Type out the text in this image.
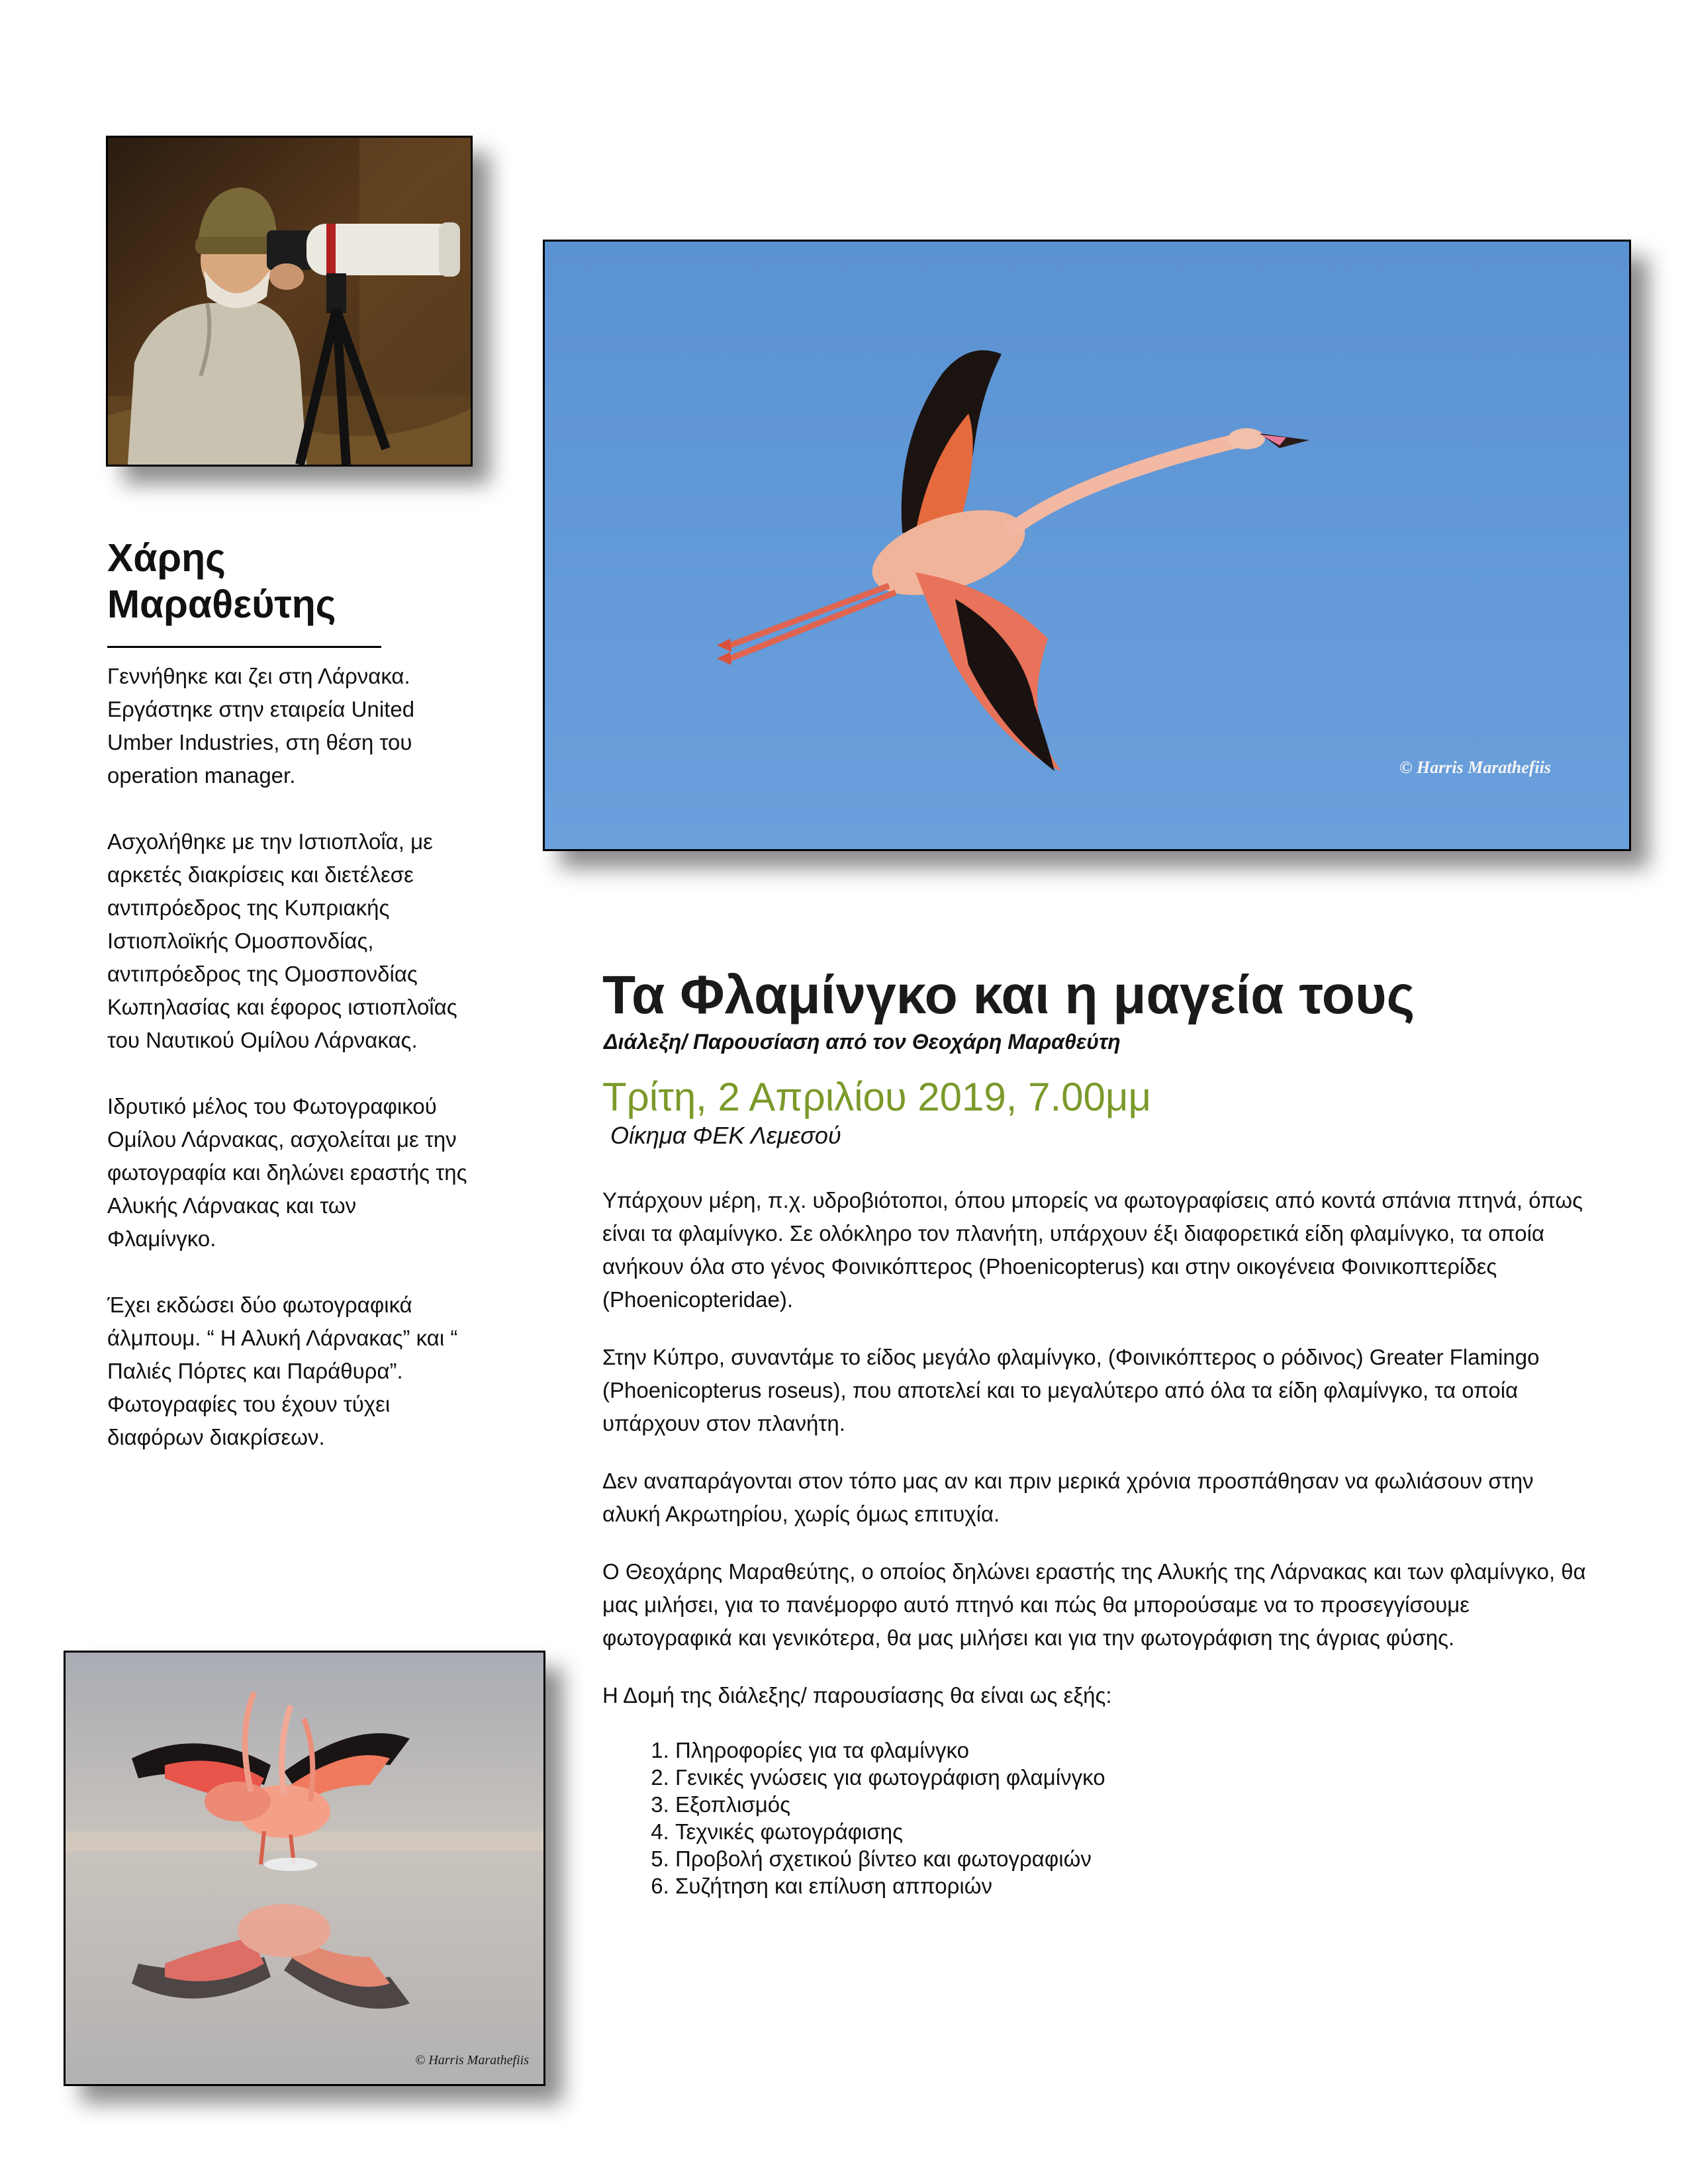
Χάρης
Μαραθεύτης

Γεννήθηκε και ζει στη Λάρνακα. Εργάστηκε στην εταιρεία United Umber Industries, στη θέση του operation manager.

Ασχολήθηκε με την Ιστιοπλοΐα, με αρκετές διακρίσεις και διετέλεσε αντιπρόεδρος της Κυπριακής Ιστιοπλοϊκής Ομοσπονδίας, αντιπρόεδρος της Ομοσπονδίας Κωπηλασίας και έφορος ιστιοπλοΐας του Ναυτικού Ομίλου Λάρνακας.

Ιδρυτικό μέλος του Φωτογραφικού Ομίλου Λάρνακας, ασχολείται με την φωτογραφία και δηλώνει εραστής της Αλυκής Λάρνακας και των Φλαμίνγκο.

Έχει εκδώσει δύο φωτογραφικά άλμπουμ. “ Η Αλυκή Λάρνακας” και “ Παλιές Πόρτες και Παράθυρα”. Φωτογραφίες του έχουν τύχει διαφόρων διακρίσεων.

© Harris Marathefiis
Τα Φλαμίνγκο και η μαγεία τους
Διάλεξη/ Παρουσίαση από τον Θεοχάρη Μαραθεύτη
Τρίτη, 2 Απριλίου 2019, 7.00μμ
Οίκημα ΦΕΚ Λεμεσού

Υπάρχουν μέρη, π.χ. υδροβιότοποι, όπου μπορείς να φωτογραφίσεις από κοντά σπάνια πτηνά, όπως είναι τα φλαμίνγκο. Σε ολόκληρο τον πλανήτη, υπάρχουν έξι διαφορετικά είδη φλαμίνγκο, τα οποία ανήκουν όλα στο γένος Φοινικόπτερος (Phoenicopterus) και στην οικογένεια Φοινικοπτερίδες (Phoenicopteridae).

Στην Κύπρο, συναντάμε το είδος μεγάλο φλαμίνγκο, (Φοινικόπτερος ο ρόδινος) Greater Flamingo (Phoenicopterus roseus), που αποτελεί και το μεγαλύτερο από όλα τα είδη φλαμίνγκο, τα οποία υπάρχουν στον πλανήτη.

Δεν αναπαράγονται στον τόπο μας αν και πριν μερικά χρόνια προσπάθησαν να φωλιάσουν στην αλυκή Ακρωτηρίου, χωρίς όμως επιτυχία.

Ο Θεοχάρης Μαραθεύτης, ο οποίος δηλώνει εραστής της Αλυκής της Λάρνακας και των φλαμίνγκο, θα μας μιλήσει, για το πανέμορφο αυτό πτηνό και πώς θα μπορούσαμε να το προσεγγίσουμε φωτογραφικά και γενικότερα, θα μας μιλήσει και για την φωτογράφιση της άγριας φύσης.

Η Δομή της διάλεξης/ παρουσίασης θα είναι ως εξής:

1. Πληροφορίες για τα φλαμίνγκο
2. Γενικές γνώσεις για φωτογράφιση φλαμίνγκο
3. Εξοπλισμός
4. Τεχνικές φωτογράφισης
5. Προβολή σχετικού βίντεο και φωτογραφιών
6. Συζήτηση και επίλυση απποριών
© Harris Marathefiis
